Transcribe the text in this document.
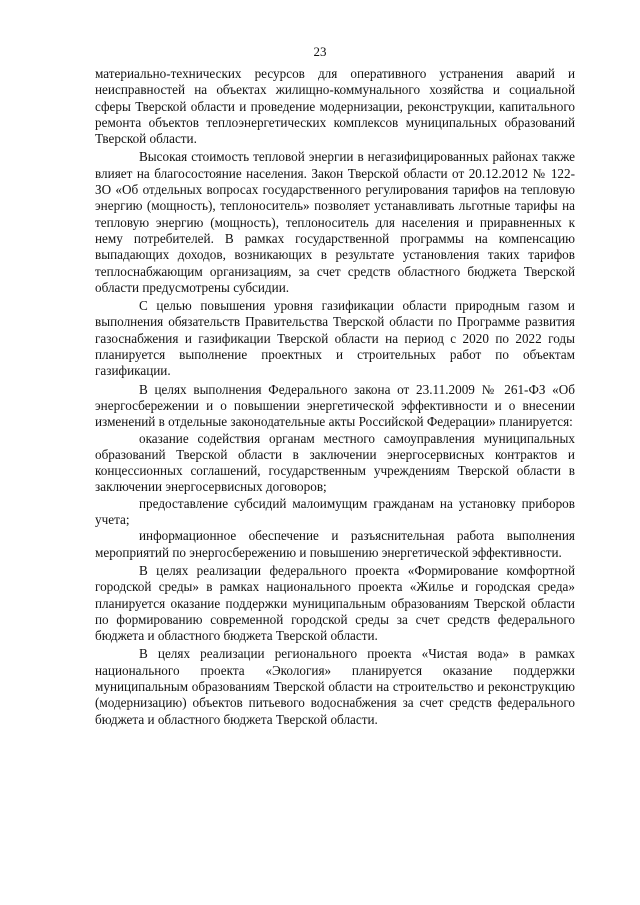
23

материально-технических ресурсов для оперативного устранения аварий и неисправностей на объектах жилищно-коммунального хозяйства и социальной сферы Тверской области и проведение модернизации, реконструкции, капитального ремонта объектов теплоэнергетических комплексов муниципальных образований Тверской области.

Высокая стоимость тепловой энергии в негазифицированных районах также влияет на благосостояние населения. Закон Тверской области от 20.12.2012 № 122-ЗО «Об отдельных вопросах государственного регулирования тарифов на тепловую энергию (мощность), теплоноситель» позволяет устанавливать льготные тарифы на тепловую энергию (мощность), теплоноситель для населения и приравненных к нему потребителей. В рамках государственной программы на компенсацию выпадающих доходов, возникающих в результате установления таких тарифов теплоснабжающим организациям, за счет средств областного бюджета Тверской области предусмотрены субсидии.

С целью повышения уровня газификации области природным газом и выполнения обязательств Правительства Тверской области по Программе развития газоснабжения и газификации Тверской области на период с 2020 по 2022 годы планируется выполнение проектных и строительных работ по объектам газификации.

В целях выполнения Федерального закона от 23.11.2009 № 261-ФЗ «Об энергосбережении и о повышении энергетической эффективности и о внесении изменений в отдельные законодательные акты Российской Федерации» планируется:

оказание содействия органам местного самоуправления муниципальных образований Тверской области в заключении энергосервисных контрактов и концессионных соглашений, государственным учреждениям Тверской области в заключении энергосервисных договоров;

предоставление субсидий малоимущим гражданам на установку приборов учета;

информационное обеспечение и разъяснительная работа выполнения мероприятий по энергосбережению и повышению энергетической эффективности.

В целях реализации федерального проекта «Формирование комфортной городской среды» в рамках национального проекта «Жилье и городская среда» планируется оказание поддержки муниципальным образованиям Тверской области по формированию современной городской среды за счет средств федерального бюджета и областного бюджета Тверской области.

В целях реализации регионального проекта «Чистая вода» в рамках национального проекта «Экология» планируется оказание поддержки муниципальным образованиям Тверской области на строительство и реконструкцию (модернизацию) объектов питьевого водоснабжения за счет средств федерального бюджета и областного бюджета Тверской области.
